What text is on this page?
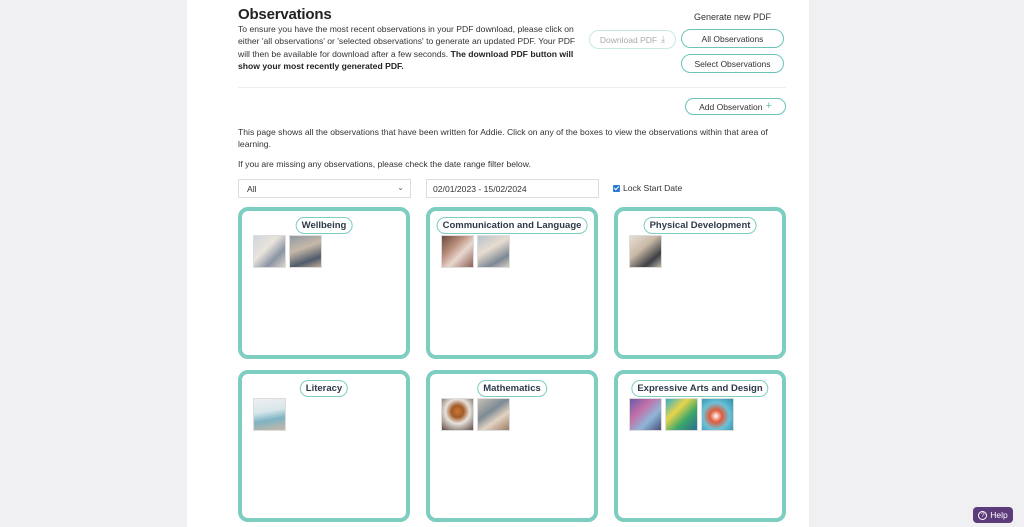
Observations
To ensure you have the most recent observations in your PDF download, please click on either 'all observations' or 'selected observations' to generate an updated PDF. Your PDF will then be available for download after a few seconds. The download PDF button will show your most recently generated PDF.
Generate new PDF
Download PDF ⤓	All Observations
Select Observations
Add Observation +
This page shows all the observations that have been written for Addie. Click on any of the boxes to view the observations within that area of learning.
If you are missing any observations, please check the date range filter below.
All	⌄	02/01/2023 - 15/02/2024	Lock Start Date
Wellbeing	Communication and Language	Physical Development
Literacy	Mathematics	Expressive Arts and Design
? Help
